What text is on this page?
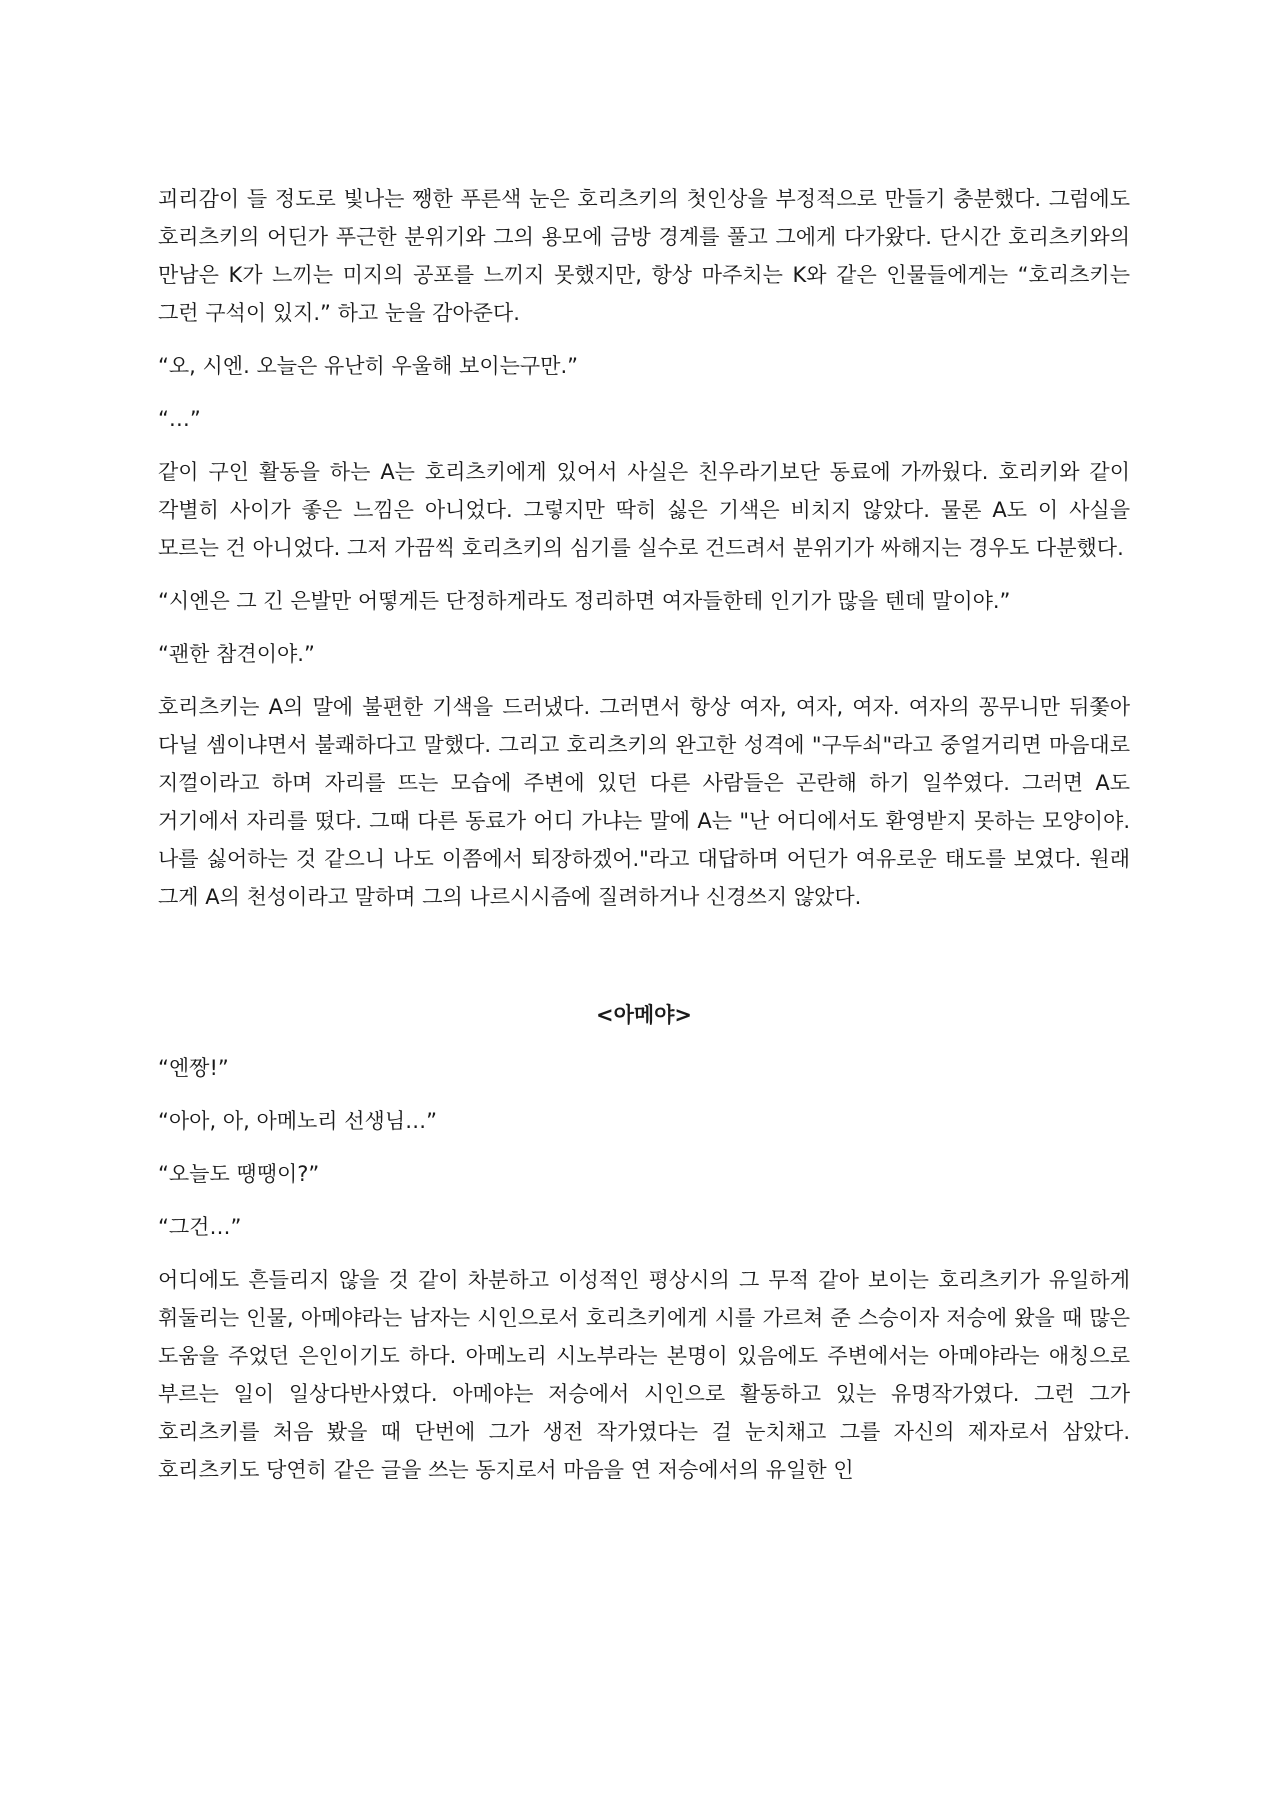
괴리감이 들 정도로 빛나는 쨍한 푸른색 눈은 호리츠키의 첫인상을 부정적으로 만들기 충분했다. 그럼에도 호리츠키의 어딘가 푸근한 분위기와 그의 용모에 금방 경계를 풀고 그에게 다가왔다. 단시간 호리츠키와의 만남은 K가 느끼는 미지의 공포를 느끼지 못했지만, 항상 마주치는 K와 같은 인물들에게는 “호리츠키는 그런 구석이 있지.” 하고 눈을 감아준다.

“오, 시엔. 오늘은 유난히 우울해 보이는구만.”

“…”

같이 구인 활동을 하는 A는 호리츠키에게 있어서 사실은 친우라기보단 동료에 가까웠다. 호리키와 같이 각별히 사이가 좋은 느낌은 아니었다. 그렇지만 딱히 싫은 기색은 비치지 않았다. 물론 A도 이 사실을 모르는 건 아니었다. 그저 가끔씩 호리츠키의 심기를 실수로 건드려서 분위기가 싸해지는 경우도 다분했다.

“시엔은 그 긴 은발만 어떻게든 단정하게라도 정리하면 여자들한테 인기가 많을 텐데 말이야.”

“괜한 참견이야.”

호리츠키는 A의 말에 불편한 기색을 드러냈다. 그러면서 항상 여자, 여자, 여자. 여자의 꽁무니만 뒤쫓아 다닐 셈이냐면서 불쾌하다고 말했다. 그리고 호리츠키의 완고한 성격에 "구두쇠"라고 중얼거리면 마음대로 지껄이라고 하며 자리를 뜨는 모습에 주변에 있던 다른 사람들은 곤란해 하기 일쑤였다. 그러면 A도 거기에서 자리를 떴다. 그때 다른 동료가 어디 가냐는 말에 A는 "난 어디에서도 환영받지 못하는 모양이야. 나를 싫어하는 것 같으니 나도 이쯤에서 퇴장하겠어."라고 대답하며 어딘가 여유로운 태도를 보였다. 원래 그게 A의 천성이라고 말하며 그의 나르시시즘에 질려하거나 신경쓰지 않았다.

<아메야>

“엔짱!”

“아아, 아, 아메노리 선생님…”

“오늘도 땡땡이?”

“그건…”

어디에도 흔들리지 않을 것 같이 차분하고 이성적인 평상시의 그 무적 같아 보이는 호리츠키가 유일하게 휘둘리는 인물, 아메야라는 남자는 시인으로서 호리츠키에게 시를 가르쳐 준 스승이자 저승에 왔을 때 많은 도움을 주었던 은인이기도 하다. 아메노리 시노부라는 본명이 있음에도 주변에서는 아메야라는 애칭으로 부르는 일이 일상다반사였다. 아메야는 저승에서 시인으로 활동하고 있는 유명작가였다. 그런 그가 호리츠키를 처음 봤을 때 단번에 그가 생전 작가였다는 걸 눈치채고 그를 자신의 제자로서 삼았다. 호리츠키도 당연히 같은 글을 쓰는 동지로서 마음을 연 저승에서의 유일한 인
